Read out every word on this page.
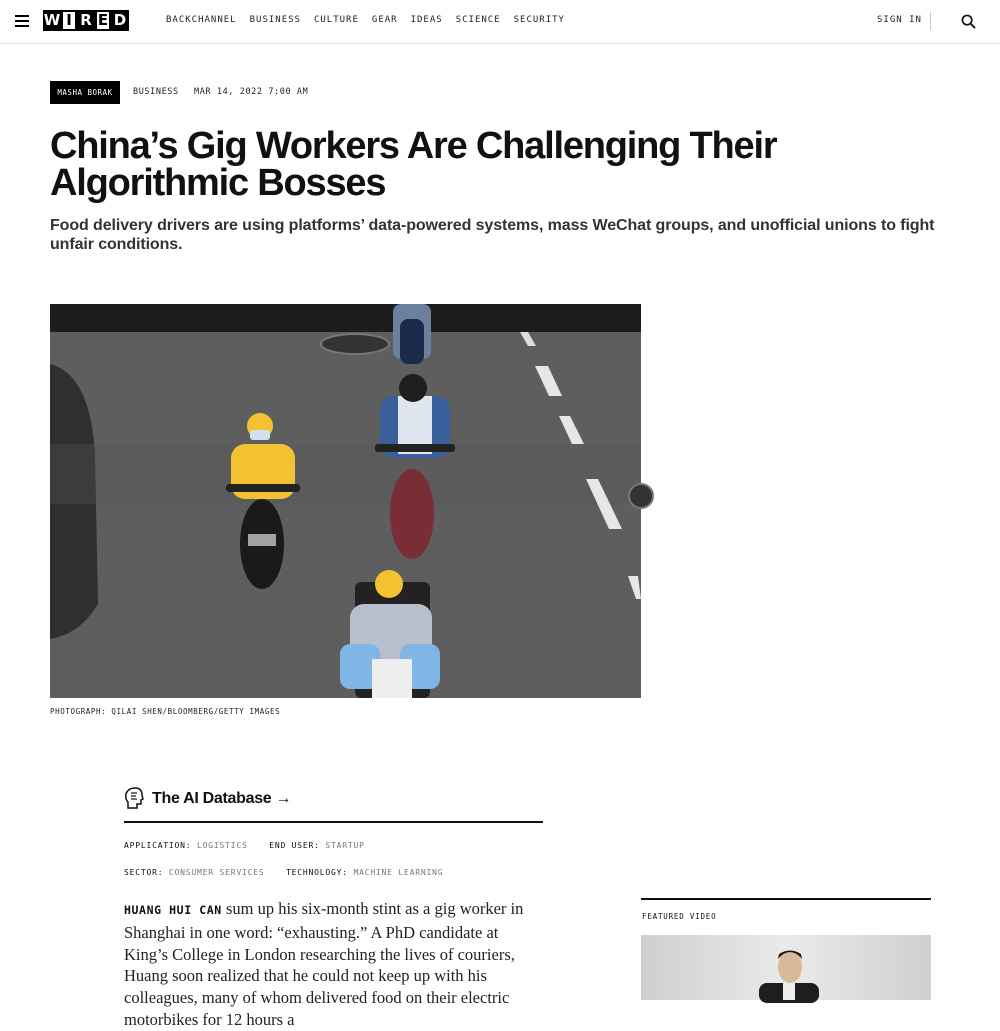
W I R E D	BACKCHANNEL BUSINESS CULTURE GEAR IDEAS SCIENCE SECURITY	SIGN IN
MASHA BORAK	BUSINESS MAR 14, 2022 7:00 AM
China’s Gig Workers Are Challenging Their Algorithmic Bosses

Food delivery drivers are using platforms’ data-powered systems, mass WeChat groups, and unofficial unions to fight unfair conditions.

PHOTOGRAPH: QILAI SHEN/BLOOMBERG/GETTY IMAGES
The AI Database →
APPLICATION: LOGISTICS	END USER: STARTUP
SECTOR: CONSUMER SERVICES	TECHNOLOGY: MACHINE LEARNING

HUANG HUI CAN sum up his six-month stint as a gig worker in Shanghai in one word: “exhausting.” A PhD candidate at King’s College in London researching the lives of couriers, Huang soon realized that he could not keep up with his colleagues, many of whom delivered food on their electric motorbikes for 12 hours a

FEATURED VIDEO
